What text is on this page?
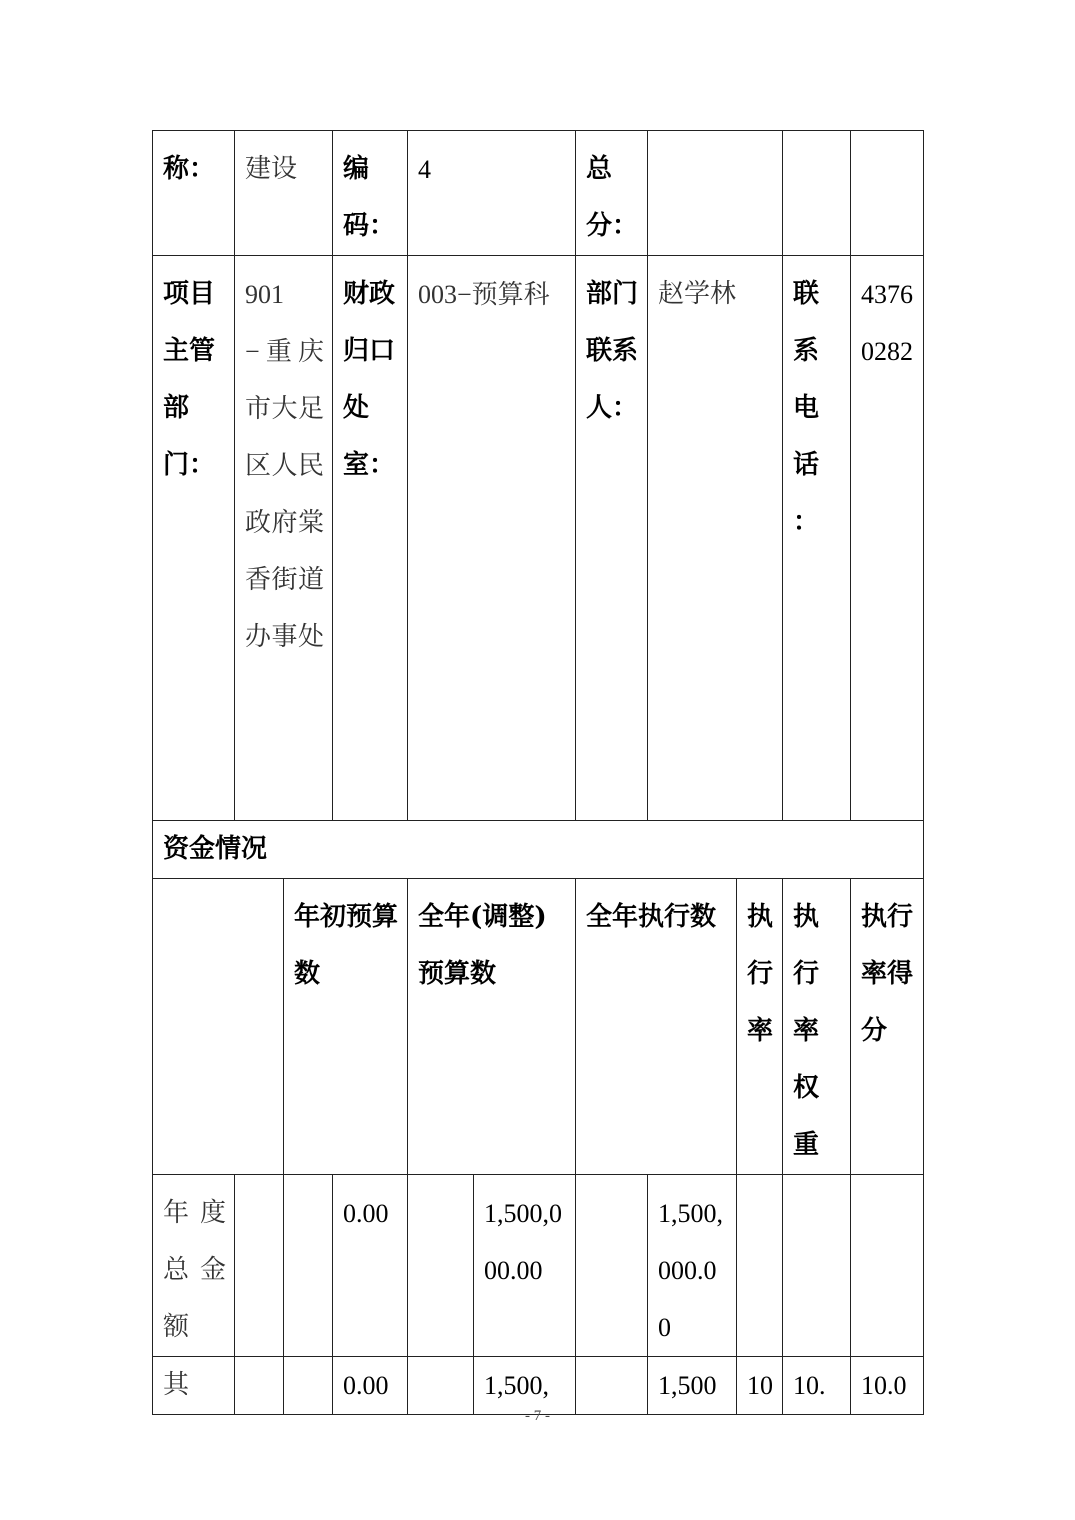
称：	建设		编码：	4		总分：				
项目主管部门：	901−重庆市大足区人民政府棠香街道办事处		财政归口处室：	003−预算科		部门联系人：	赵学林		联系电话：	43760282
资金情况										
		年初预算数		全年(调整)预算数		全年执行数		执行率	执行率权重	执行率得分
年度总金额			0.00		1,500,000.00		1,500,000.00			
其			0.00		1,500,		1,500	10	10.	10.0
- 7 -
